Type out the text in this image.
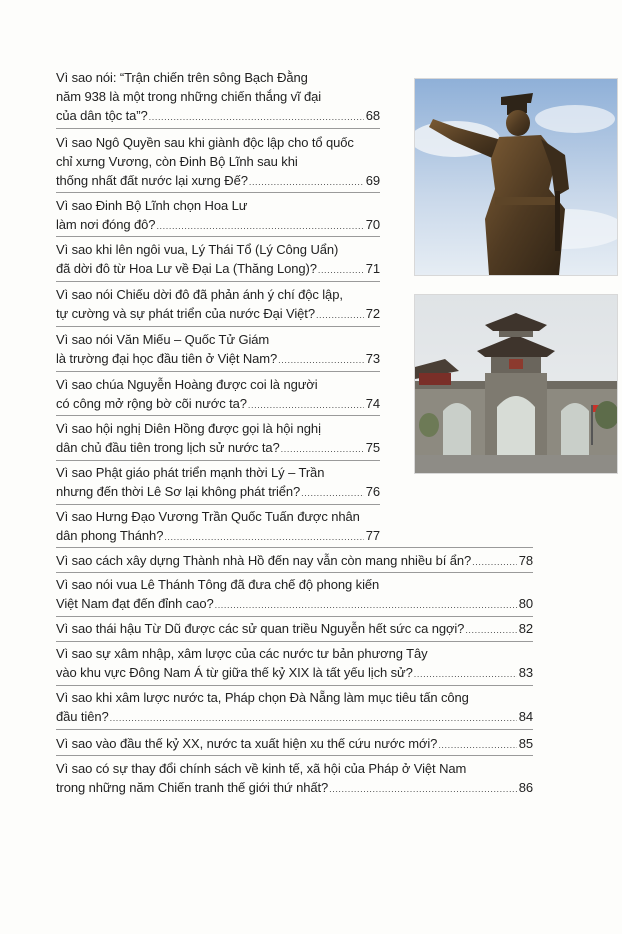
Vì sao nói: “Trận chiến trên sông Bạch Đằng
năm 938 là một trong những chiến thắng vĩ đại
của dân tộc ta”? .....	68
Vì sao Ngô Quyền sau khi giành độc lập cho tổ quốc
chỉ xưng Vương, còn Đinh Bộ Lĩnh sau khi
thống nhất đất nước lại xưng Đế? .....	69
Vì sao Đinh Bộ Lĩnh chọn Hoa Lư
làm nơi đóng đô? .....	70
Vì sao khi lên ngôi vua, Lý Thái Tổ (Lý Công Uẩn)
đã dời đô từ Hoa Lư về Đại La (Thăng Long)? .....	71
Vì sao nói Chiếu dời đô đã phản ánh ý chí độc lập,
tự cường và sự phát triển của nước Đại Việt? .....	72
Vì sao nói Văn Miếu – Quốc Tử Giám
là trường đại học đầu tiên ở Việt Nam? .....	73
Vì sao chúa Nguyễn Hoàng được coi là người
có công mở rộng bờ cõi nước ta? .....	74
Vì sao hội nghị Diên Hồng được gọi là hội nghị
dân chủ đầu tiên trong lịch sử nước ta? .....	75
Vì sao Phật giáo phát triển mạnh thời Lý – Trần
nhưng đến thời Lê Sơ lại không phát triển? .....	76
Vì sao Hưng Đạo Vương Trần Quốc Tuấn được nhân
dân phong Thánh? .....	77
Vì sao cách xây dựng Thành nhà Hồ đến nay vẫn còn mang nhiều bí ẩn? .....	78
Vì sao nói vua Lê Thánh Tông đã đưa chế độ phong kiến
Việt Nam đạt đến đỉnh cao? .....	80
Vì sao thái hậu Từ Dũ được các sử quan triều Nguyễn hết sức ca ngợi? .....	82
Vì sao sự xâm nhập, xâm lược của các nước tư bản phương Tây
vào khu vực Đông Nam Á từ giữa thế kỷ XIX là tất yếu lịch sử? .....	83
Vì sao khi xâm lược nước ta, Pháp chọn Đà Nẵng làm mục tiêu tấn công
đầu tiên? .....	84
Vì sao vào đầu thế kỷ XX, nước ta xuất hiện xu thế cứu nước mới? .....	85
Vì sao có sự thay đổi chính sách về kinh tế, xã hội của Pháp ở Việt Nam
trong những năm Chiến tranh thế giới thứ nhất? .....	86
